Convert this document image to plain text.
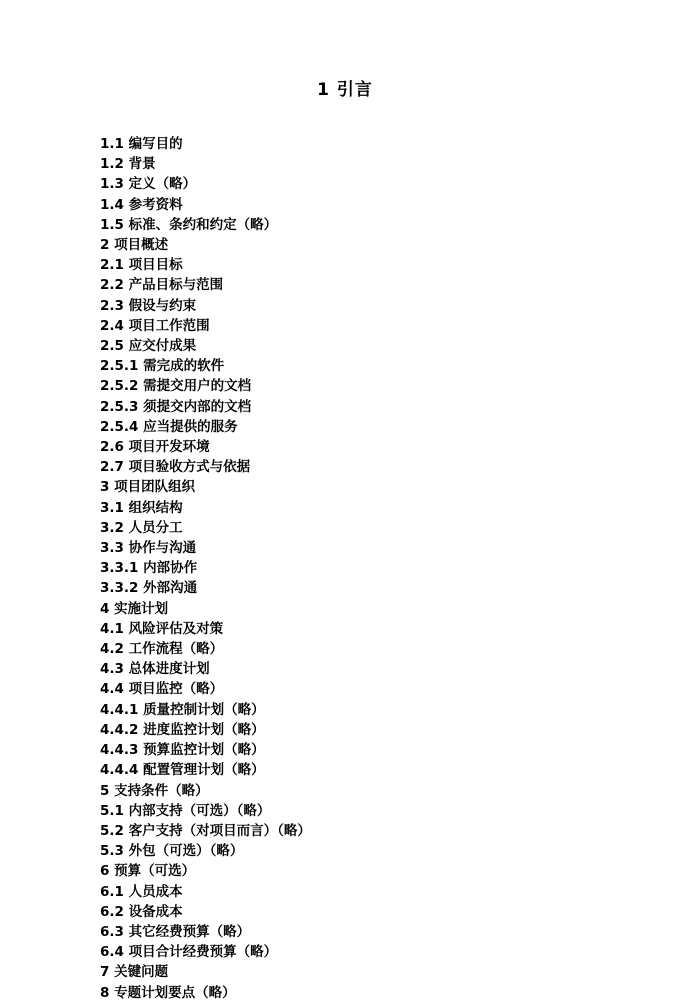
1 引言
1.1 编写目的
1.2 背景
1.3 定义（略）
1.4 参考资料
1.5 标准、条约和约定（略）
2 项目概述
2.1 项目目标
2.2 产品目标与范围
2.3 假设与约束
2.4 项目工作范围
2.5 应交付成果
2.5.1 需完成的软件
2.5.2 需提交用户的文档
2.5.3 须提交内部的文档
2.5.4 应当提供的服务
2.6 项目开发环境
2.7 项目验收方式与依据
3 项目团队组织
3.1 组织结构
3.2 人员分工
3.3 协作与沟通
3.3.1 内部协作
3.3.2 外部沟通
4 实施计划
4.1 风险评估及对策
4.2 工作流程（略）
4.3 总体进度计划
4.4 项目监控（略）
4.4.1 质量控制计划（略）
4.4.2 进度监控计划（略）
4.4.3 预算监控计划（略）
4.4.4 配置管理计划（略）
5 支持条件（略）
5.1 内部支持（可选）（略）
5.2 客户支持（对项目而言）（略）
5.3 外包（可选）（略）
6 预算（可选）
6.1 人员成本
6.2 设备成本
6.3 其它经费预算（略）
6.4 项目合计经费预算（略）
7 关键问题
8 专题计划要点（略）
